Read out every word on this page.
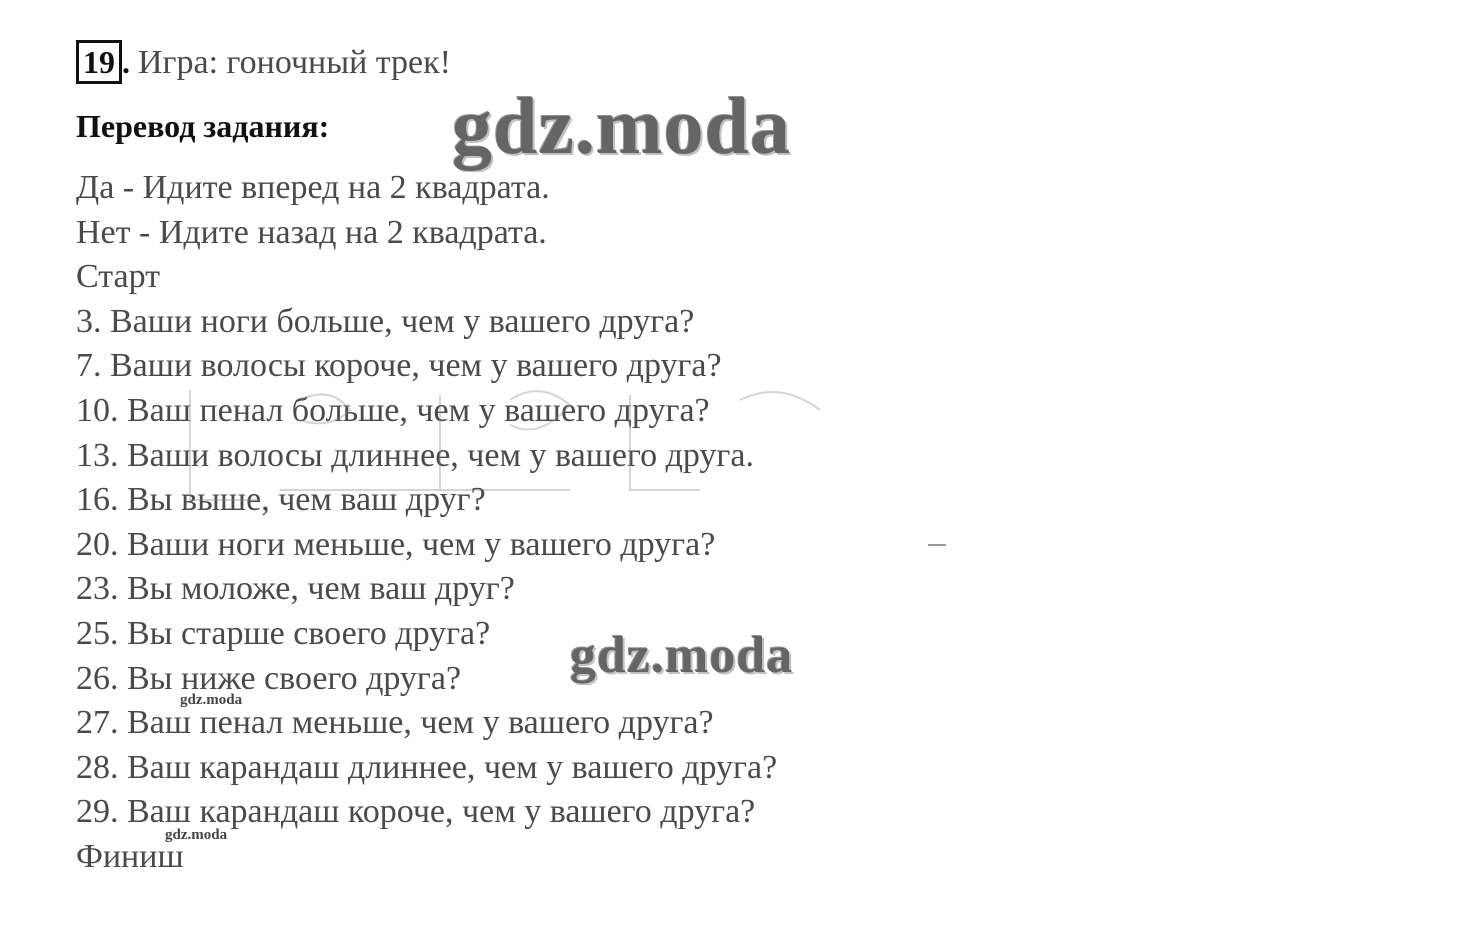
19 . Игра: гоночный трек!
Перевод задания:
Да - Идите вперед на 2 квадрата.
Нет - Идите назад на 2 квадрата.
Старт
3. Ваши ноги больше, чем у вашего друга?
7. Ваши волосы короче, чем у вашего друга?
10. Ваш пенал больше, чем у вашего друга?
13. Ваши волосы длиннее, чем у вашего друга.
16. Вы выше, чем ваш друг?
20. Ваши ноги меньше, чем у вашего друга?
23. Вы моложе, чем ваш друг?
25. Вы старше своего друга?
26. Вы ниже своего друга?
27. Ваш пенал меньше, чем у вашего друга?
28. Ваш карандаш длиннее, чем у вашего друга?
29. Ваш карандаш короче, чем у вашего друга?
Финиш
gdz.moda
gdz.moda
gdz.moda
gdz.moda
